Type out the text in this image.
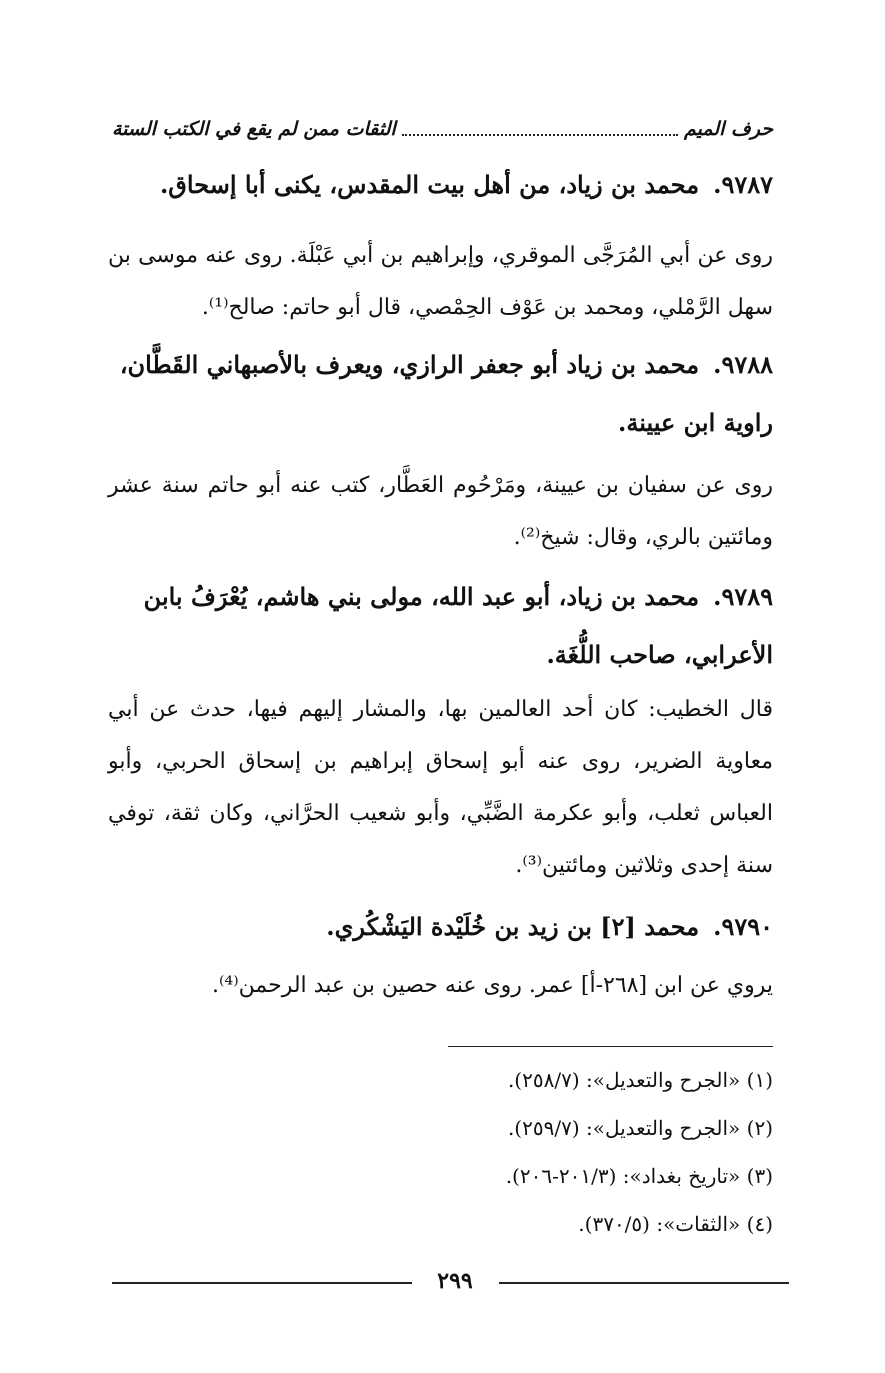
حرف الميم
الثقات ممن لم يقع في الكتب الستة
٩٧٨٧.محمد بن زياد، من أهل بيت المقدس، يكنى أبا إسحاق.
روى عن أبي المُرَجَّى الموقري، وإبراهيم بن أبي عَبْلَة. روى عنه موسى بن سهل الرَّمْلي، ومحمد بن عَوْف الحِمْصي، قال أبو حاتم: صالح⁽¹⁾.
٩٧٨٨.محمد بن زياد أبو جعفر الرازي، ويعرف بالأصبهاني القَطَّان، راوية ابن عيينة.
روى عن سفيان بن عيينة، ومَرْحُوم العَطَّار، كتب عنه أبو حاتم سنة عشر ومائتين بالري، وقال: شيخ⁽²⁾.
٩٧٨٩.محمد بن زياد، أبو عبد الله، مولى بني هاشم، يُعْرَفُ بابن الأعرابي، صاحب اللُّغَة.
قال الخطيب: كان أحد العالمين بها، والمشار إليهم فيها، حدث عن أبي معاوية الضرير، روى عنه أبو إسحاق إبراهيم بن إسحاق الحربي، وأبو العباس ثعلب، وأبو عكرمة الضَّبِّي، وأبو شعيب الحرَّاني، وكان ثقة، توفي سنة إحدى وثلاثين ومائتين⁽³⁾.
٩٧٩٠.محمد [٢] بن زيد بن خُلَيْدة اليَشْكُري.
يروي عن ابن [٢٦٨-أ] عمر. روى عنه حصين بن عبد الرحمن⁽⁴⁾.
(١) «الجرح والتعديل»: (٢٥٨/٧).
(٢) «الجرح والتعديل»: (٢٥٩/٧).
(٣) «تاريخ بغداد»: (٢٠١/٣-٢٠٦).
(٤) «الثقات»: (٣٧٠/٥).
٢٩٩
